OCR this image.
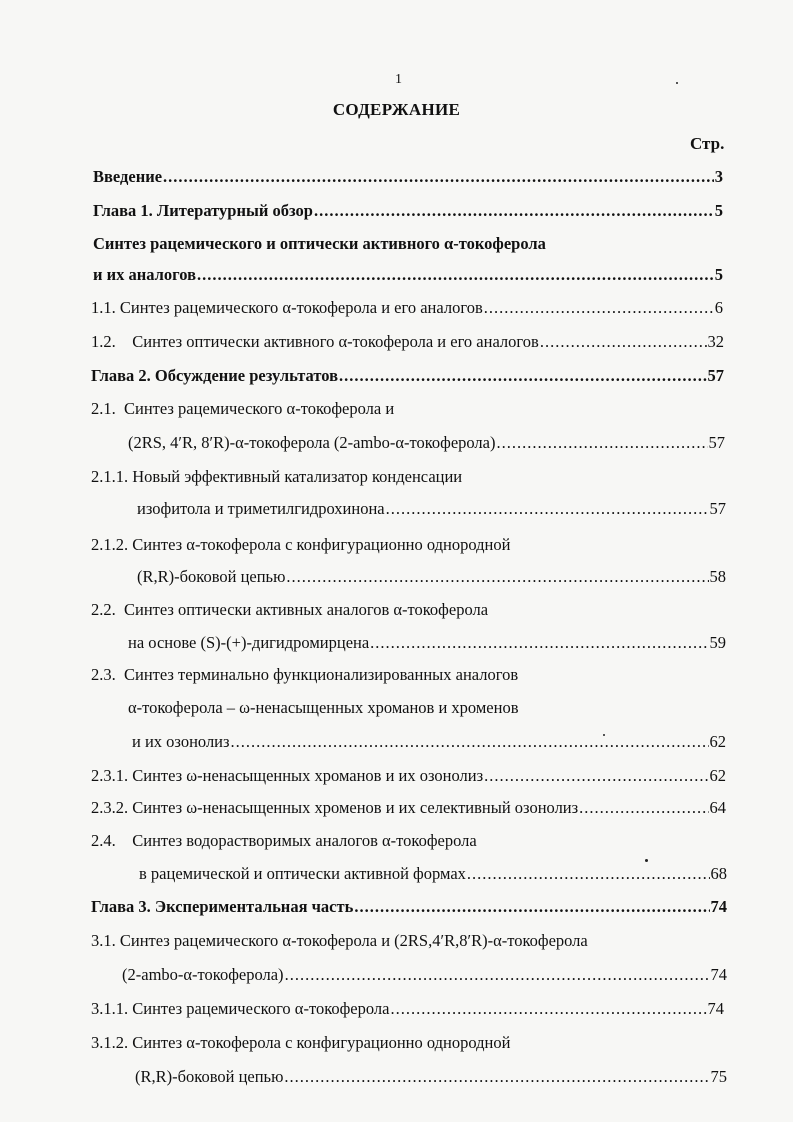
1
СОДЕРЖАНИЕ
Стр.
Введение .....	3
Глава 1. Литературный обзор .....	5
Синтез рацемического и оптически активного α-токоферола
и их аналогов .....	5
1.1. Синтез рацемического α-токоферола и его аналогов .....	6
1.2.    Синтез оптически активного α-токоферола и его аналогов .....	32
Глава 2. Обсуждение результатов .....	57
2.1.  Синтез рацемического α-токоферола и
(2RS, 4′R, 8′R)-α-токоферола (2-ambo-α-токоферола) .....	57
2.1.1. Новый эффективный катализатор конденсации
изофитола и триметилгидрохинона .....	57
2.1.2. Синтез α-токоферола с конфигурационно однородной
(R,R)-боковой цепью .....	58
2.2.  Синтез оптически активных аналогов α-токоферола
на основе (S)-(+)-дигидромирцена .....	59
2.3.  Синтез терминально функционализированных аналогов
α-токоферола – ω-ненасыщенных хроманов и хроменов
и их озонолиз .....	62
2.3.1. Синтез ω-ненасыщенных хроманов и их озонолиз .....	62
2.3.2. Синтез ω-ненасыщенных хроменов и их селективный озонолиз .....	64
2.4.    Синтез водорастворимых аналогов α-токоферола
в рацемической и оптически активной формах .....	68
Глава 3. Экспериментальная часть .....	74
3.1. Синтез рацемического α-токоферола и (2RS,4′R,8′R)-α-токоферола
(2-ambo-α-токоферола) .....	74
3.1.1. Синтез рацемического α-токоферола .....	74
3.1.2. Синтез α-токоферола с конфигурационно однородной
(R,R)-боковой цепью .....	75
